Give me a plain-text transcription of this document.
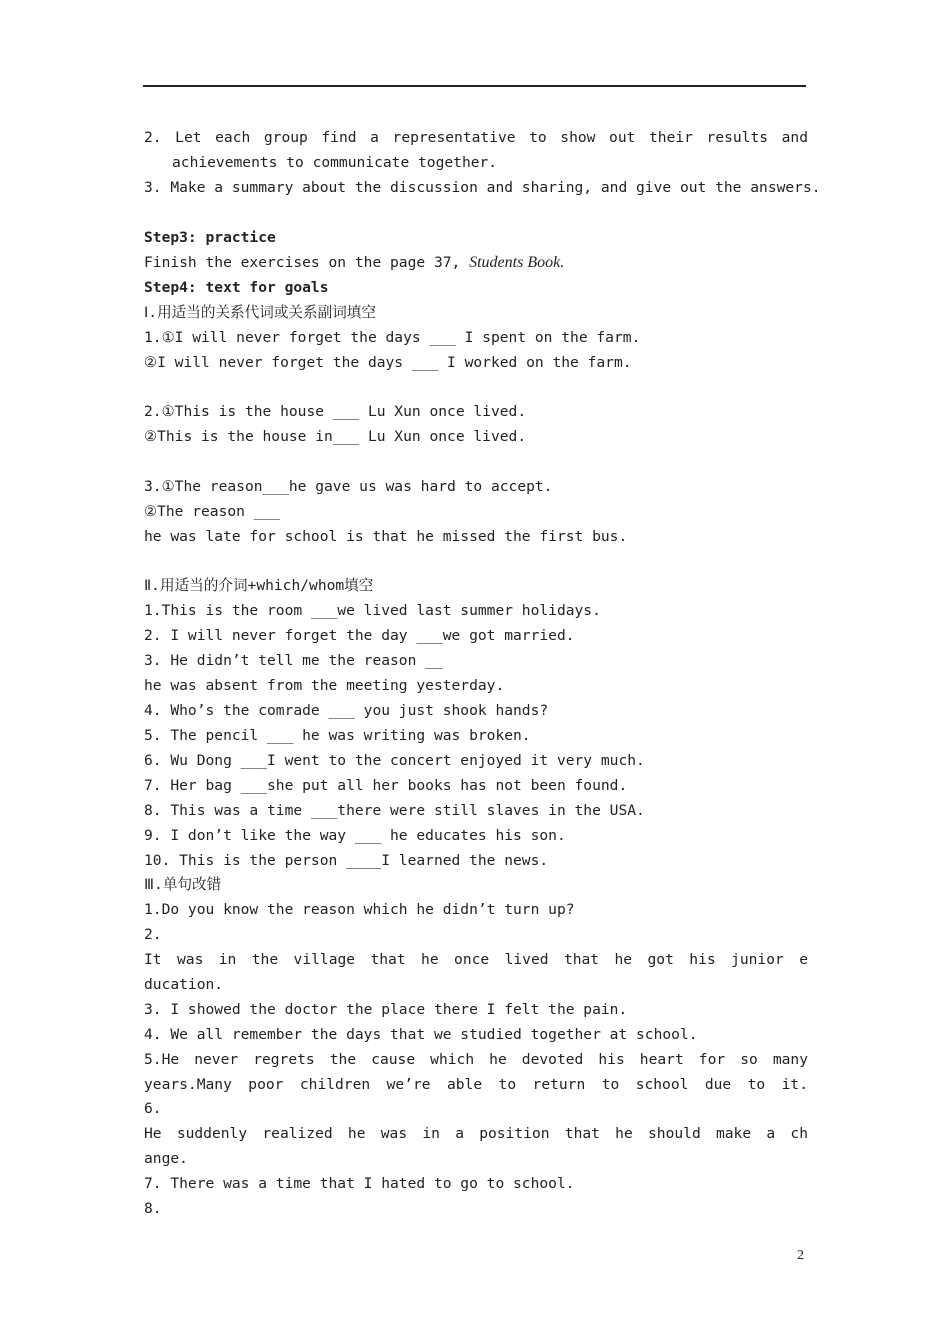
2. Let each group find a representative to show out their results and
achievements to communicate together.
3. Make a summary about the discussion and sharing, and give out the answers.
Step3: practice
Finish the exercises on the page 37, Students Book.
Step4: text for goals
Ⅰ.用适当的关系代词或关系副词填空
1.①I will never forget the days ___ I spent on the farm.
②I will never forget the days ___ I worked on the farm.
2.①This is the house ___ Lu Xun once lived.
②This is the house in___ Lu Xun once lived.
3.①The reason___he gave us was hard to accept.
②The reason ___
he was late for school is that he missed the first bus.
Ⅱ.用适当的介词+which/whom填空
1.This is the room ___we lived last summer holidays.
2. I will never forget the day ___we got married.
3. He didn’t tell me the reason __
he was absent from the meeting yesterday.
4. Who’s the comrade ___ you just shook hands?
5. The pencil ___ he was writing was broken.
6. Wu Dong ___I went to the concert enjoyed it very much.
7. Her bag ___she put all her books has not been found.
8. This was a time ___there were still slaves in the USA.
9. I don’t like the way ___ he educates his son.
10. This is the person ____I learned the news.
Ⅲ.单句改错
1.Do you know the reason which he didn’t turn up?
2.
It was in the village that he once lived that he got his junior e
ducation.
3. I showed the doctor the place there I felt the pain.
4. We all remember the days that we studied together at school.
5.He never regrets the cause which he devoted his heart for so many
years.Many poor children we’re able to return to school due to it.
6.
He suddenly realized he was in a position that he should make a ch
ange.
7. There was a time that I hated to go to school.
8.
2
